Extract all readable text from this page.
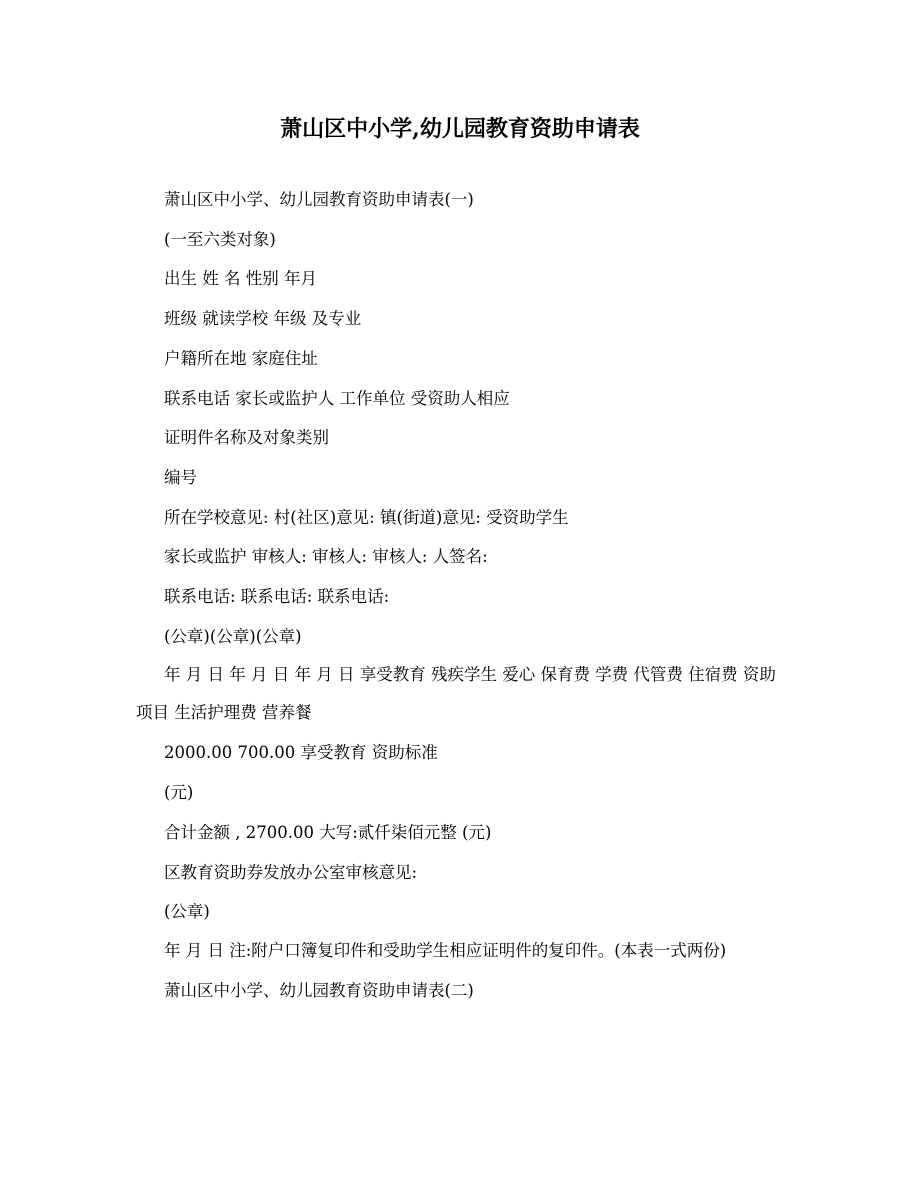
萧山区中小学,幼儿园教育资助申请表

萧山区中小学、幼儿园教育资助申请表(一)

(一至六类对象)

出生 姓 名 性别 年月

班级 就读学校 年级 及专业

户籍所在地 家庭住址

联系电话 家长或监护人 工作单位 受资助人相应

证明件名称及对象类别

编号

所在学校意见: 村(社区)意见: 镇(街道)意见: 受资助学生

家长或监护 审核人: 审核人: 审核人: 人签名:

联系电话: 联系电话: 联系电话:

(公章)(公章)(公章)

年 月 日 年 月 日 年 月 日 享受教育 残疾学生 爱心 保育费 学费 代管费 住宿费 资助项目 生活护理费 营养餐

2000.00 700.00 享受教育 资助标准

(元)

合计金额 , 2700.00 大写:贰仟柒佰元整 (元)

区教育资助券发放办公室审核意见:

(公章)

年 月 日 注:附户口簿复印件和受助学生相应证明件的复印件。(本表一式两份)

萧山区中小学、幼儿园教育资助申请表(二)
